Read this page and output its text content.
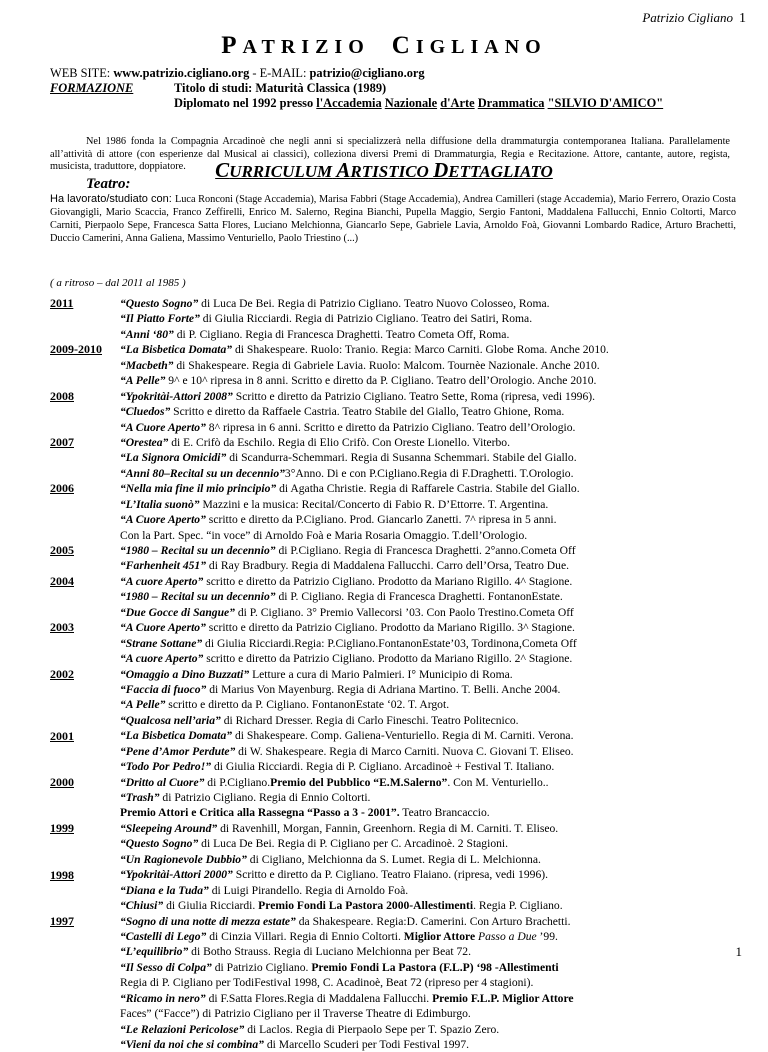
Patrizio Cigliano 1
PATRIZIO CIGLIANO
WEB SITE: www.patrizio.cigliano.org - E-MAIL: patrizio@cigliano.org
FORMAZIONE	Titolo di studi: Maturità Classica (1989)
Diplomato nel 1992 presso l'Accademia Nazionale d'Arte Drammatica "SILVIO D'AMICO"
Nel 1986 fonda la Compagnia Arcadinoè che negli anni si specializzerà nella diffusione della drammaturgia contemporanea Italiana. Parallelamente all’attività di attore (con esperienze dal Musical ai classici), colleziona diversi Premi di Drammaturgia, Regia e Recitazione. Attore, cantante, autore, regista, musicista, traduttore, doppiatore.	CURRICULUM ARTISTICO DETTAGLIATO
Teatro:
Ha lavorato/studiato con: Luca Ronconi (Stage Accademia), Marisa Fabbri (Stage Accademia), Andrea Camilleri (stage Accademia), Mario Ferrero, Orazio Costa Giovangigli, Mario Scaccia, Franco Zeffirelli, Enrico M. Salerno, Regina Bianchi, Pupella Maggio, Sergio Fantoni, Maddalena Fallucchi, Ennio Coltorti, Marco Carniti, Pierpaolo Sepe, Francesca Satta Flores, Luciano Melchionna, Giancarlo Sepe, Gabriele Lavia, Arnoldo Foà, Giovanni Lombardo Radice, Arturo Brachetti, Duccio Camerini, Anna Galiena, Massimo Venturiello, Paolo Triestino (...)
( a ritroso – dal 2011 al 1985 )
2011
2009-2010
2008
2007
2006
2005
2004
2003
2002
2001
2000
1999
1998
1997
“Questo Sogno” di Luca De Bei. Regia di Patrizio Cigliano. Teatro Nuovo Colosseo, Roma.
“Il Piatto Forte” di Giulia Ricciardi. Regia di Patrizio Cigliano. Teatro dei Satiri, Roma.
“Anni ‘80” di P. Cigliano. Regia di Francesca Draghetti. Teatro Cometa Off, Roma.
“La Bisbetica Domata” di Shakespeare. Ruolo: Tranio. Regia: Marco Carniti. Globe Roma. Anche 2010.
“Macbeth” di Shakespeare. Regia di Gabriele Lavia. Ruolo: Malcom. Tournèe Nazionale. Anche 2010.
“A Pelle” 9^ e 10^ ripresa in 8 anni. Scritto e diretto da P. Cigliano. Teatro dell’Orologio. Anche 2010.
“Ypokritài-Attori 2008” Scritto e diretto da Patrizio Cigliano. Teatro Sette, Roma (ripresa, vedi 1996).
“Cluedos” Scritto e diretto da Raffaele Castria. Teatro Stabile del Giallo, Teatro Ghione, Roma.
“A Cuore Aperto” 8^ ripresa in 6 anni. Scritto e diretto da Patrizio Cigliano. Teatro dell’Orologio.
“Orestea” di E. Crifò da Eschilo. Regia di Elio Crifò. Con Oreste Lionello. Viterbo.
“La Signora Omicidi” di Scandurra-Schemmari. Regia di Susanna Schemmari. Stabile del Giallo.
“Anni 80–Recital su un decennio”3°Anno. Di e con P.Cigliano.Regia di F.Draghetti. T.Orologio.
“Nella mia fine il mio principio” di Agatha Christie. Regia di Raffarele Castria. Stabile del Giallo.
“L’Italia suonò” Mazzini e la musica: Recital/Concerto di Fabio R. D’Ettorre. T. Argentina.
“A Cuore Aperto” scritto e diretto da P.Cigliano. Prod. Giancarlo Zanetti. 7^ ripresa in 5 anni.
Con la Part. Spec. “in voce” di Arnoldo Foà e Maria Rosaria Omaggio. T.dell’Orologio.
“1980 – Recital su un decennio” di P.Cigliano. Regia di Francesca Draghetti. 2°anno.Cometa Off
“Farhenheit 451” di Ray Bradbury. Regia di Maddalena Fallucchi. Carro dell’Orsa, Teatro Due.
“A cuore Aperto” scritto e diretto da Patrizio Cigliano. Prodotto da Mariano Rigillo. 4^ Stagione.
“1980 – Recital su un decennio” di P. Cigliano. Regia di Francesca Draghetti. FontanonEstate.
“Due Gocce di Sangue” di P. Cigliano. 3° Premio Vallecorsi ’03. Con Paolo Trestino.Cometa Off
“A Cuore Aperto” scritto e diretto da Patrizio Cigliano. Prodotto da Mariano Rigillo. 3^ Stagione.
“Strane Sottane” di Giulia Ricciardi.Regia: P.Cigliano.FontanonEstate’03, Tordinona,Cometa Off
“A cuore Aperto” scritto e diretto da Patrizio Cigliano. Prodotto da Mariano Rigillo. 2^ Stagione.
“Omaggio a Dino Buzzati” Letture a cura di Mario Palmieri. I° Municipio di Roma.
“Faccia di fuoco” di Marius Von Mayenburg. Regia di Adriana Martino. T. Belli. Anche 2004.
“A Pelle” scritto e diretto da P. Cigliano. FontanonEstate ‘02. T. Argot.
“Qualcosa nell’aria” di Richard Dresser. Regia di Carlo Fineschi. Teatro Politecnico.
“La Bisbetica Domata” di Shakespeare. Comp. Galiena-Venturiello. Regia di M. Carniti. Verona.
“Pene d’Amor Perdute” di W. Shakespeare. Regia di Marco Carniti. Nuova C. Giovani T. Eliseo.
“Todo Por Pedro!” di Giulia Ricciardi. Regia di P. Cigliano. Arcadinoè + Festival T. Italiano.
“Dritto al Cuore” di P.Cigliano.Premio del Pubblico “E.M.Salerno”. Con M. Venturiello..
“Trash” di Patrizio Cigliano. Regia di Ennio Coltorti.
Premio Attori e Critica alla Rassegna “Passo a 3 - 2001”. Teatro Brancaccio.
“Sleepeing Around” di Ravenhill, Morgan, Fannin, Greenhorn. Regia di M. Carniti. T. Eliseo.
“Questo Sogno” di Luca De Bei. Regia di P. Cigliano per C. Arcadinoè. 2 Stagioni.
“Un Ragionevole Dubbio” di Cigliano, Melchionna da S. Lumet. Regia di L. Melchionna.
“Ypokritài-Attori 2000” Scritto e diretto da P. Cigliano. Teatro Flaiano. (ripresa, vedi 1996).
“Diana e la Tuda” di Luigi Pirandello. Regia di Arnoldo Foà.
“Chiusi” di Giulia Ricciardi. Premio Fondi La Pastora 2000-Allestimenti. Regia P. Cigliano.
“Sogno di una notte di mezza estate” da Shakespeare. Regia:D. Camerini. Con Arturo Brachetti.
“Castelli di Lego” di Cinzia Villari. Regia di Ennio Coltorti. Miglior Attore Passo a Due ’99.
“L’equilibrio” di Botho Strauss. Regia di Luciano Melchionna per Beat 72.
“Il Sesso di Colpa” di Patrizio Cigliano. Premio Fondi La Pastora (F.L.P) ‘98 -Allestimenti
Regia di P. Cigliano per TodiFestival 1998, C. Acadinoè, Beat 72 (ripreso per 4 stagioni).
“Ricamo in nero” di F.Satta Flores.Regia di Maddalena Fallucchi. Premio F.L.P. Miglior Attore
Faces” (“Facce”) di Patrizio Cigliano per il Traverse Theatre di Edimburgo.
“Le Relazioni Pericolose” di Laclos. Regia di Pierpaolo Sepe per T. Spazio Zero.
“Vieni da noi che si combina” di Marcello Scuderi per Todi Festival 1997.
1
